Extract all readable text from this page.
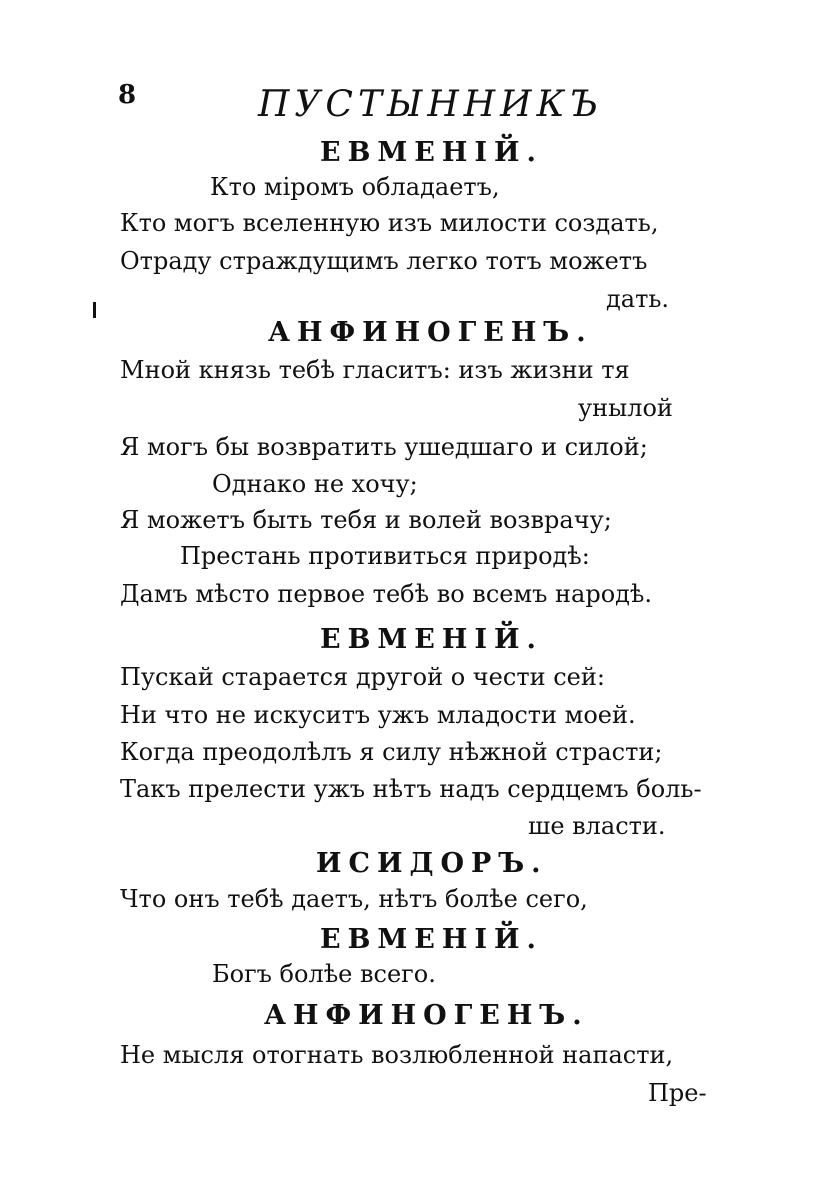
8	ПУСТЫННИКЪ
ЕВМЕНІЙ.
Кто міромъ обладаетъ,
Кто могъ вселенную изъ милости создать,
Отраду страждущимъ легко тотъ можетъ
дать.
АНФИНОГЕНЪ.
Мной князь тебѣ гласитъ: изъ жизни тя
унылой
Я могъ бы возвратить ушедшаго и силой;
Однако не хочу;
Я можетъ быть тебя и волей возврачу;
Престань противиться природѣ:
Дамъ мѣсто первое тебѣ во всемъ народѣ.
ЕВМЕНІЙ.
Пускай старается другой о чести сей:
Ни что не искуситъ ужъ младости моей.
Когда преодолѣлъ я силу нѣжной страсти;
Такъ прелести ужъ нѣтъ надъ сердцемъ боль-
ше власти.
ИСИДОРЪ.
Что онъ тебѣ даетъ, нѣтъ болѣе сего,
ЕВМЕНІЙ.
Богъ болѣе всего.
АНФИНОГЕНЪ.
Не мысля отогнать возлюбленной напасти,
Пре-
